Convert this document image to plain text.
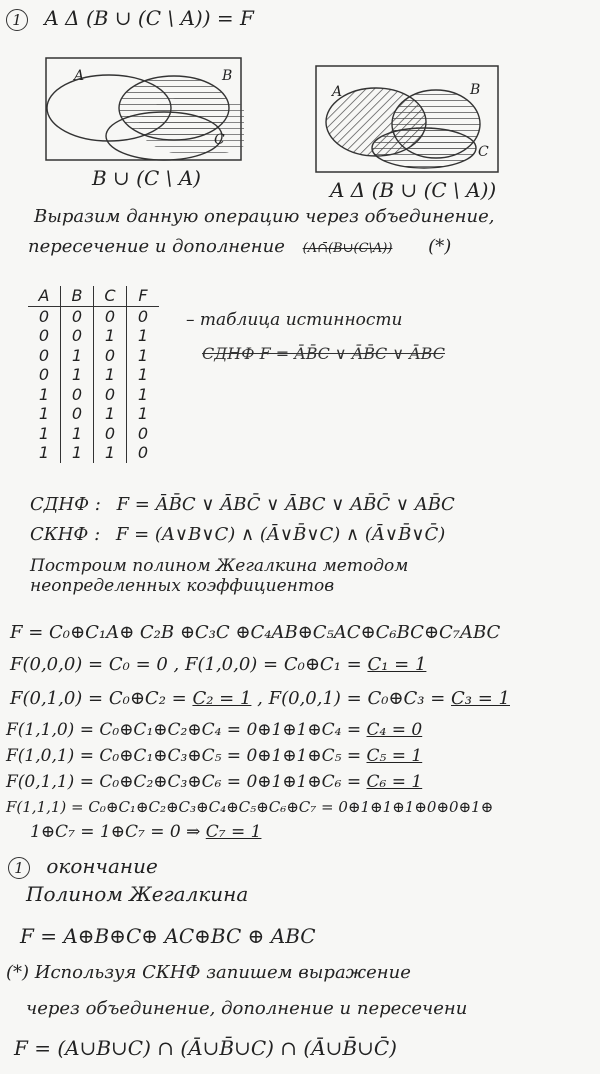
1 A Δ (B ∪ (C \ A)) = F
A	B
C
B ∪ (C \ A)
A	B
C
A Δ (B ∪ (C \ A))
Выразим данную операцию через объединение,
пересечение и дополнение (A∩̄(B∪(C\A)) (*)
A	B	C	F
0	0	0	0
0	0	1	1
0	1	0	1
0	1	1	1
1	0	0	1
1	0	1	1
1	1	0	0
1	1	1	0
– таблица истинности
СДНФ F = ĀB̄C ∨ ĀB̄C ∨ ĀBC
СДНФ : F = ĀB̄C ∨ ĀBC̄ ∨ ĀBC ∨ AB̄C̄ ∨ AB̄C
СКНФ : F = (A∨B∨C) ∧ (Ā∨B̄∨C) ∧ (Ā∨B̄∨C̄)
Построим полином Жегалкина методом
неопределенных коэффициентов
F = C₀⊕C₁A⊕ C₂B ⊕C₃C ⊕C₄AB⊕C₅AC⊕C₆BC⊕C₇ABC
F(0,0,0) = C₀ = 0 , F(1,0,0) = C₀⊕C₁ = C₁ = 1
F(0,1,0) = C₀⊕C₂ = C₂ = 1 , F(0,0,1) = C₀⊕C₃ = C₃ = 1
F(1,1,0) = C₀⊕C₁⊕C₂⊕C₄ = 0⊕1⊕1⊕C₄ = C₄ = 0
F(1,0,1) = C₀⊕C₁⊕C₃⊕C₅ = 0⊕1⊕1⊕C₅ = C₅ = 1
F(0,1,1) = C₀⊕C₂⊕C₃⊕C₆ = 0⊕1⊕1⊕C₆ = C₆ = 1
F(1,1,1) = C₀⊕C₁⊕C₂⊕C₃⊕C₄⊕C₅⊕C₆⊕C₇ = 0⊕1⊕1⊕1⊕0⊕0⊕1⊕
1⊕C₇ = 1⊕C₇ = 0 ⇒ C₇ = 1
1 окончание
Полином Жегалкина
F = A⊕B⊕C⊕ AC⊕BC ⊕ ABC
(*) Используя СКНФ запишем выражение
через объединение, дополнение и пересечени
F = (A∪B∪C) ∩ (Ā∪B̄∪C) ∩ (Ā∪B̄∪C̄)
